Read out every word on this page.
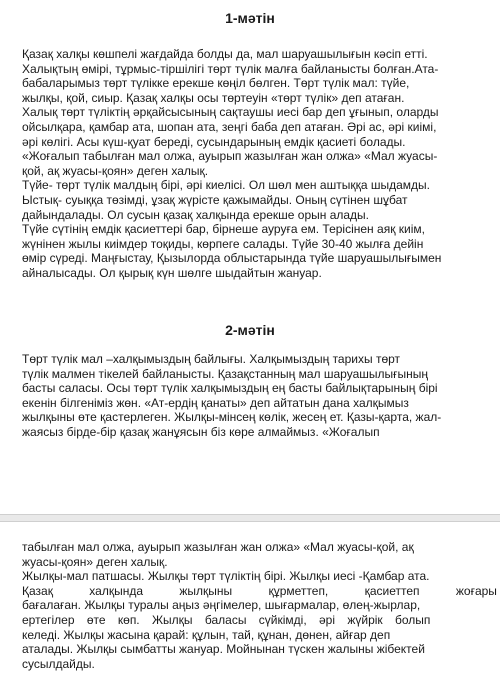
1-мәтін
Қазақ халқы көшпелі жағдайда болды да, мал шаруашылығын кәсіп етті.
Халықтың өмірі, тұрмыс-тіршілігі төрт түлік малға байланысты болған.Ата-
бабаларымыз төрт түлікке ерекше көңіл бөлген. Төрт түлік мал: түйе,
жылқы, қой, сиыр. Қазақ халқы осы төртеуін «төрт түлік» деп атаған.
Халық төрт түліктің әрқайсысының сақтаушы иесі бар деп ұғынып, оларды
ойсылқара, қамбар ата, шопан ата, зеңгі баба деп атаған. Әрі ас, әрі киімі,
әрі көлігі. Асы күш-қуат береді, сусындарының емдік қасиеті болады.
«Жоғалып табылған мал олжа, ауырып жазылған жан олжа» «Мал жуасы-
қой, ақ жуасы-қоян» деген халық.
Түйе- төрт түлік малдың бірі, әрі киелісі. Ол шөл мен аштыққа шыдамды.
Ыстық- суыққа төзімді, ұзақ жүрісте қажымайды. Оның сүтінен шұбат
дайындалады. Ол сусын қазақ халқында ерекше орын алады.
Түйе сүтінің емдік қасиеттері бар, бірнеше ауруға ем. Терісінен аяқ киім,
жүнінен жылы киімдер тоқиды, көрпеге салады. Түйе 30-40 жылға дейін
өмір сүреді. Маңғыстау, Қызылорда облыстарында түйе шаруашылығымен
айналысады. Ол қырық күн шөлге шыдайтын жануар.
2-мәтін
Төрт түлік мал –халқымыздың байлығы. Халқымыздың тарихы төрт
түлік малмен тікелей байланысты. Қазақстанның мал шаруашылығының
басты саласы. Осы төрт түлік халқымыздың ең басты байлықтарының бірі
екенін білгеніміз жөн. «Ат-ердің қанаты» деп айтатын дана халқымыз
жылқыны өте қастерлеген. Жылқы-мінсең көлік, жесең ет. Қазы-қарта, жал-
жаясыз бірде-бір қазақ жанұясын біз көре алмаймыз. «Жоғалып
табылған мал олжа, ауырып жазылған жан олжа» «Мал жуасы-қой, ақ
жуасы-қоян» деген халық.
Жылқы-мал патшасы. Жылқы төрт түліктің бірі. Жылқы иесі -Қамбар ата.
Қазақ халқында жылқыны құрметтеп, қасиеттеп жоғары
бағалаған. Жылқы туралы аңыз әңгімелер, шығармалар, өлең-жырлар,
ертегілер өте көп. Жылқы баласы сүйкімді, әрі жүйрік болып
келеді. Жылқы жасына қарай: құлын, тай, құнан, дөнен, айғар деп
аталады. Жылқы сымбатты жануар. Мойнынан түскен жалыны жібектей
сусылдайды.
